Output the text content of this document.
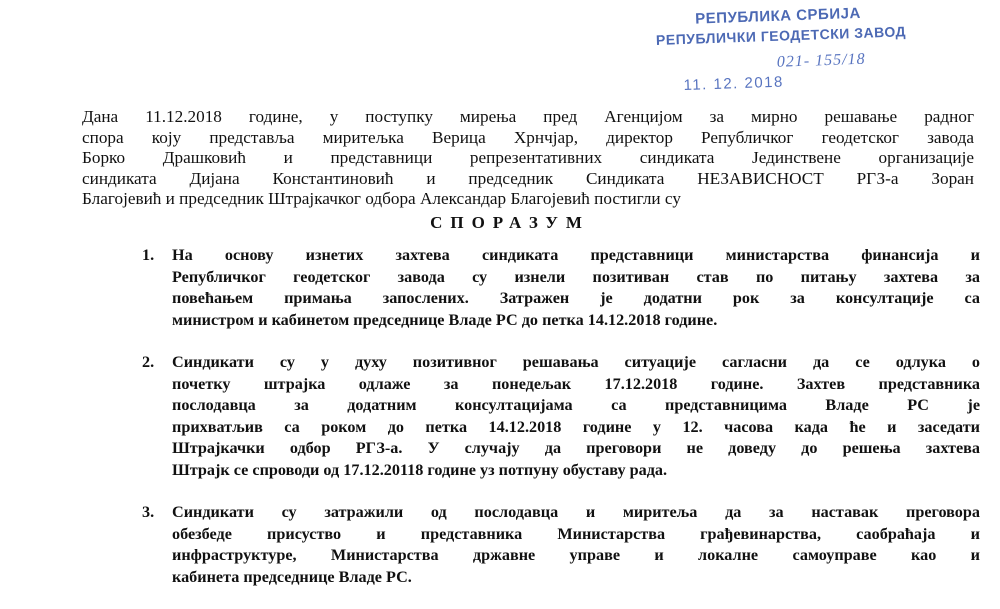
РЕПУБЛИКА СРБИЈА
РЕПУБЛИЧКИ ГЕОДЕТСКИ ЗАВОД
021- 155/18
11. 12. 2018
Дана 11.12.2018 године, у поступку мирења пред Агенцијом за мирно решавање радног
спора коју представља миритељка Верица Хрнчјар, директор Републичког геодетског завода
Борко Драшковић и представници репрезентативних синдиката Јединствене организације
синдиката Дијана Константиновић и председник Синдиката НЕЗАВИСНОСТ РГЗ-а Зоран
Благојевић и председник Штрајкачког одбора Александар Благојевић постигли су
СПОРАЗУМ
1. На основу изнетих захтева синдиката представници министарства финансија и
Републичког геодетског завода су изнели позитиван став по питању захтева за
повећањем примања запослених. Затражен је додатни рок за консултације са
министром и кабинетом председнице Владе РС до петка 14.12.2018 године.
2. Синдикати су у духу позитивног решавања ситуације сагласни да се одлука о
почетку штрајка одлаже за понедељак 17.12.2018 године. Захтев представника
послодавца за додатним консултацијама са представницима Владе РС је
прихватљив са роком до петка 14.12.2018 године у 12. часова када ће и заседати
Штрајкачки одбор РГЗ-а. У случају да преговори не доведу до решења захтева
Штрајк се спроводи од 17.12.20118 године уз потпуну обуставу рада.
3. Синдикати су затражили од послодавца и миритеља да за наставак преговора
обезбеде присуство и представника Министарства грађевинарства, саобраћаја и
инфраструктуре, Министарства државне управе и локалне самоуправе као и
кабинета председнице Владе РС.
